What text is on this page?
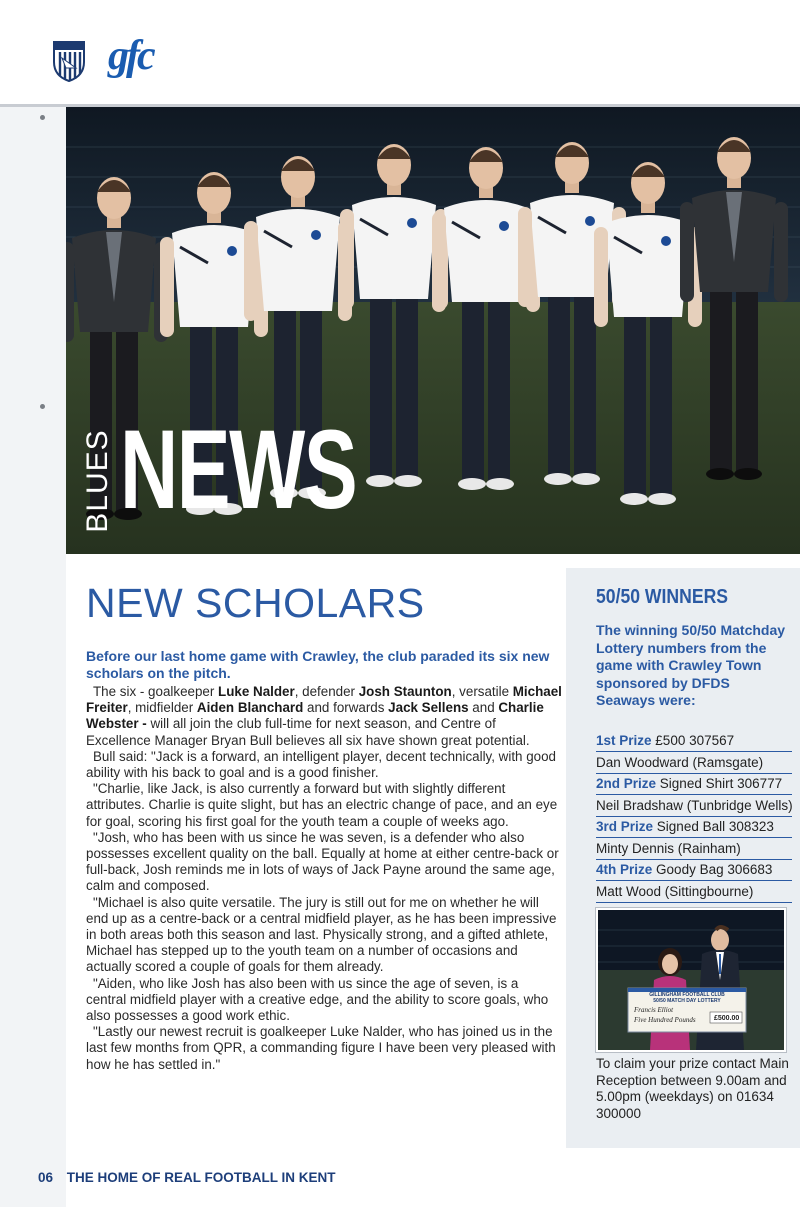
gfc
BLUES NEWS
NEW SCHOLARS
Before our last home game with Crawley, the club paraded its six new scholars on the pitch.

The six - goalkeeper Luke Nalder, defender Josh Staunton, versatile Michael Freiter, midfielder Aiden Blanchard and forwards Jack Sellens and Charlie Webster - will all join the club full-time for next season, and Centre of Excellence Manager Bryan Bull believes all six have shown great potential.

Bull said: "Jack is a forward, an intelligent player, decent technically, with good ability with his back to goal and is a good finisher.

"Charlie, like Jack, is also currently a forward but with slightly different attributes. Charlie is quite slight, but has an electric change of pace, and an eye for goal, scoring his first goal for the youth team a couple of weeks ago.

"Josh, who has been with us since he was seven, is a defender who also possesses excellent quality on the ball. Equally at home at either centre-back or full-back, Josh reminds me in lots of ways of Jack Payne around the same age, calm and composed.

"Michael is also quite versatile. The jury is still out for me on whether he will end up as a centre-back or a central midfield player, as he has been impressive in both areas both this season and last. Physically strong, and a gifted athlete, Michael has stepped up to the youth team on a number of occasions and actually scored a couple of goals for them already.

"Aiden, who like Josh has also been with us since the age of seven, is a central midfield player with a creative edge, and the ability to score goals, who also possesses a good work ethic.

"Lastly our newest recruit is goalkeeper Luke Nalder, who has joined us in the last few months from QPR, a commanding figure I have been very pleased with how he has settled in."

50/50 WINNERS
The winning 50/50 Matchday Lottery numbers from the game with Crawley Town sponsored by DFDS Seaways were:
1st Prize £500 307567
Dan Woodward (Ramsgate)
2nd Prize Signed Shirt 306777
Neil Bradshaw (Tunbridge Wells)
3rd Prize Signed Ball 308323
Minty Dennis (Rainham)
4th Prize Goody Bag 306683
Matt Wood (Sittingbourne)
GILLINGHAM FOOTBALL CLUB
50/50 MATCH DAY LOTTERY
Francis Elliot
Five Hundred Pounds	£500.00
To claim your prize contact Main Reception between 9.00am and 5.00pm (weekdays) on 01634 300000
06 THE HOME OF REAL FOOTBALL IN KENT
